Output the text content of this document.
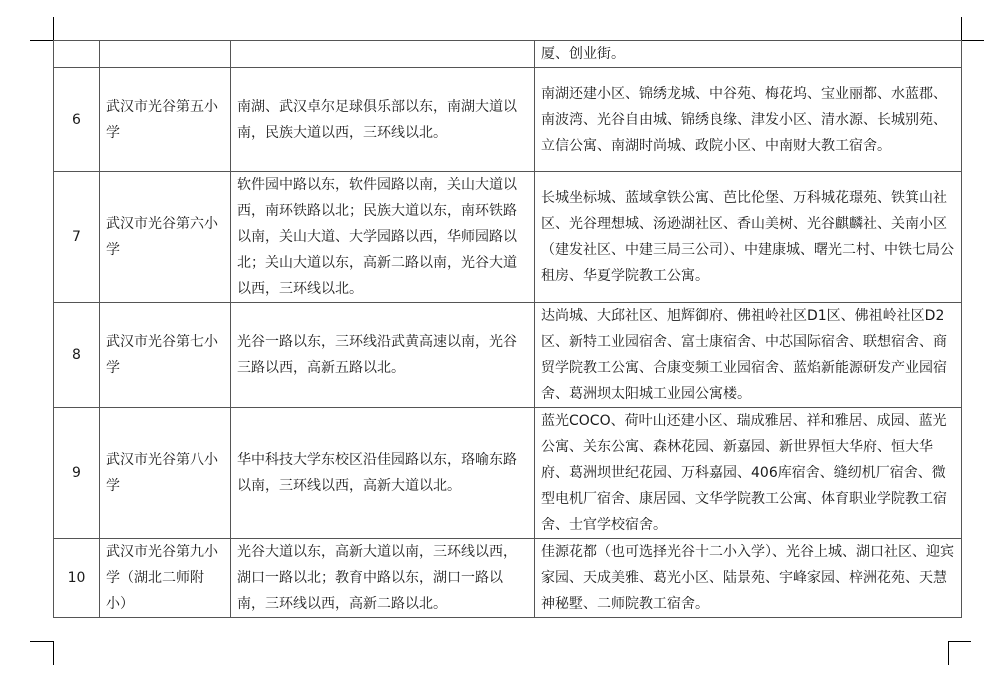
			厦、创业街。
6	武汉市光谷第五小学	南湖、武汉卓尔足球俱乐部以东，南湖大道以南，民族大道以西，三环线以北。	南湖还建小区、锦绣龙城、中谷苑、梅花坞、宝业丽都、水蓝郡、南波湾、光谷自由城、锦绣良缘、津发小区、清水源、长城别苑、立信公寓、南湖时尚城、政院小区、中南财大教工宿舍。
7	武汉市光谷第六小学	软件园中路以东，软件园路以南，关山大道以西，南环铁路以北；民族大道以东，南环铁路以南，关山大道、大学园路以西，华师园路以北；关山大道以东，高新二路以南，光谷大道以西，三环线以北。	长城坐标城、蓝域拿铁公寓、芭比伦堡、万科城花璟苑、铁箕山社区、光谷理想城、汤逊湖社区、香山美树、光谷麒麟社、关南小区（建发社区、中建三局三公司）、中建康城、曙光二村、中铁七局公租房、华夏学院教工公寓。
8	武汉市光谷第七小学	光谷一路以东，三环线沿武黄高速以南，光谷三路以西，高新五路以北。	达尚城、大邱社区、旭辉御府、佛祖岭社区D1区、佛祖岭社区D2区、新特工业园宿舍、富士康宿舍、中芯国际宿舍、联想宿舍、商贸学院教工公寓、合康变频工业园宿舍、蓝焰新能源研发产业园宿舍、葛洲坝太阳城工业园公寓楼。
9	武汉市光谷第八小学	华中科技大学东校区沿佳园路以东，珞喻东路以南，三环线以西，高新大道以北。	蓝光COCO、荷叶山还建小区、瑞成雅居、祥和雅居、成园、蓝光公寓、关东公寓、森林花园、新嘉园、新世界恒大华府、恒大华府、葛洲坝世纪花园、万科嘉园、406库宿舍、缝纫机厂宿舍、微型电机厂宿舍、康居园、文华学院教工公寓、体育职业学院教工宿舍、士官学校宿舍。
10	武汉市光谷第九小学（湖北二师附小）	光谷大道以东，高新大道以南，三环线以西，湖口一路以北；教育中路以东，湖口一路以南，三环线以西，高新二路以北。	佳源花都（也可选择光谷十二小入学）、光谷上城、湖口社区、迎宾家园、天成美雅、葛光小区、陆景苑、宇峰家园、梓洲花苑、天慧神秘墅、二师院教工宿舍。
